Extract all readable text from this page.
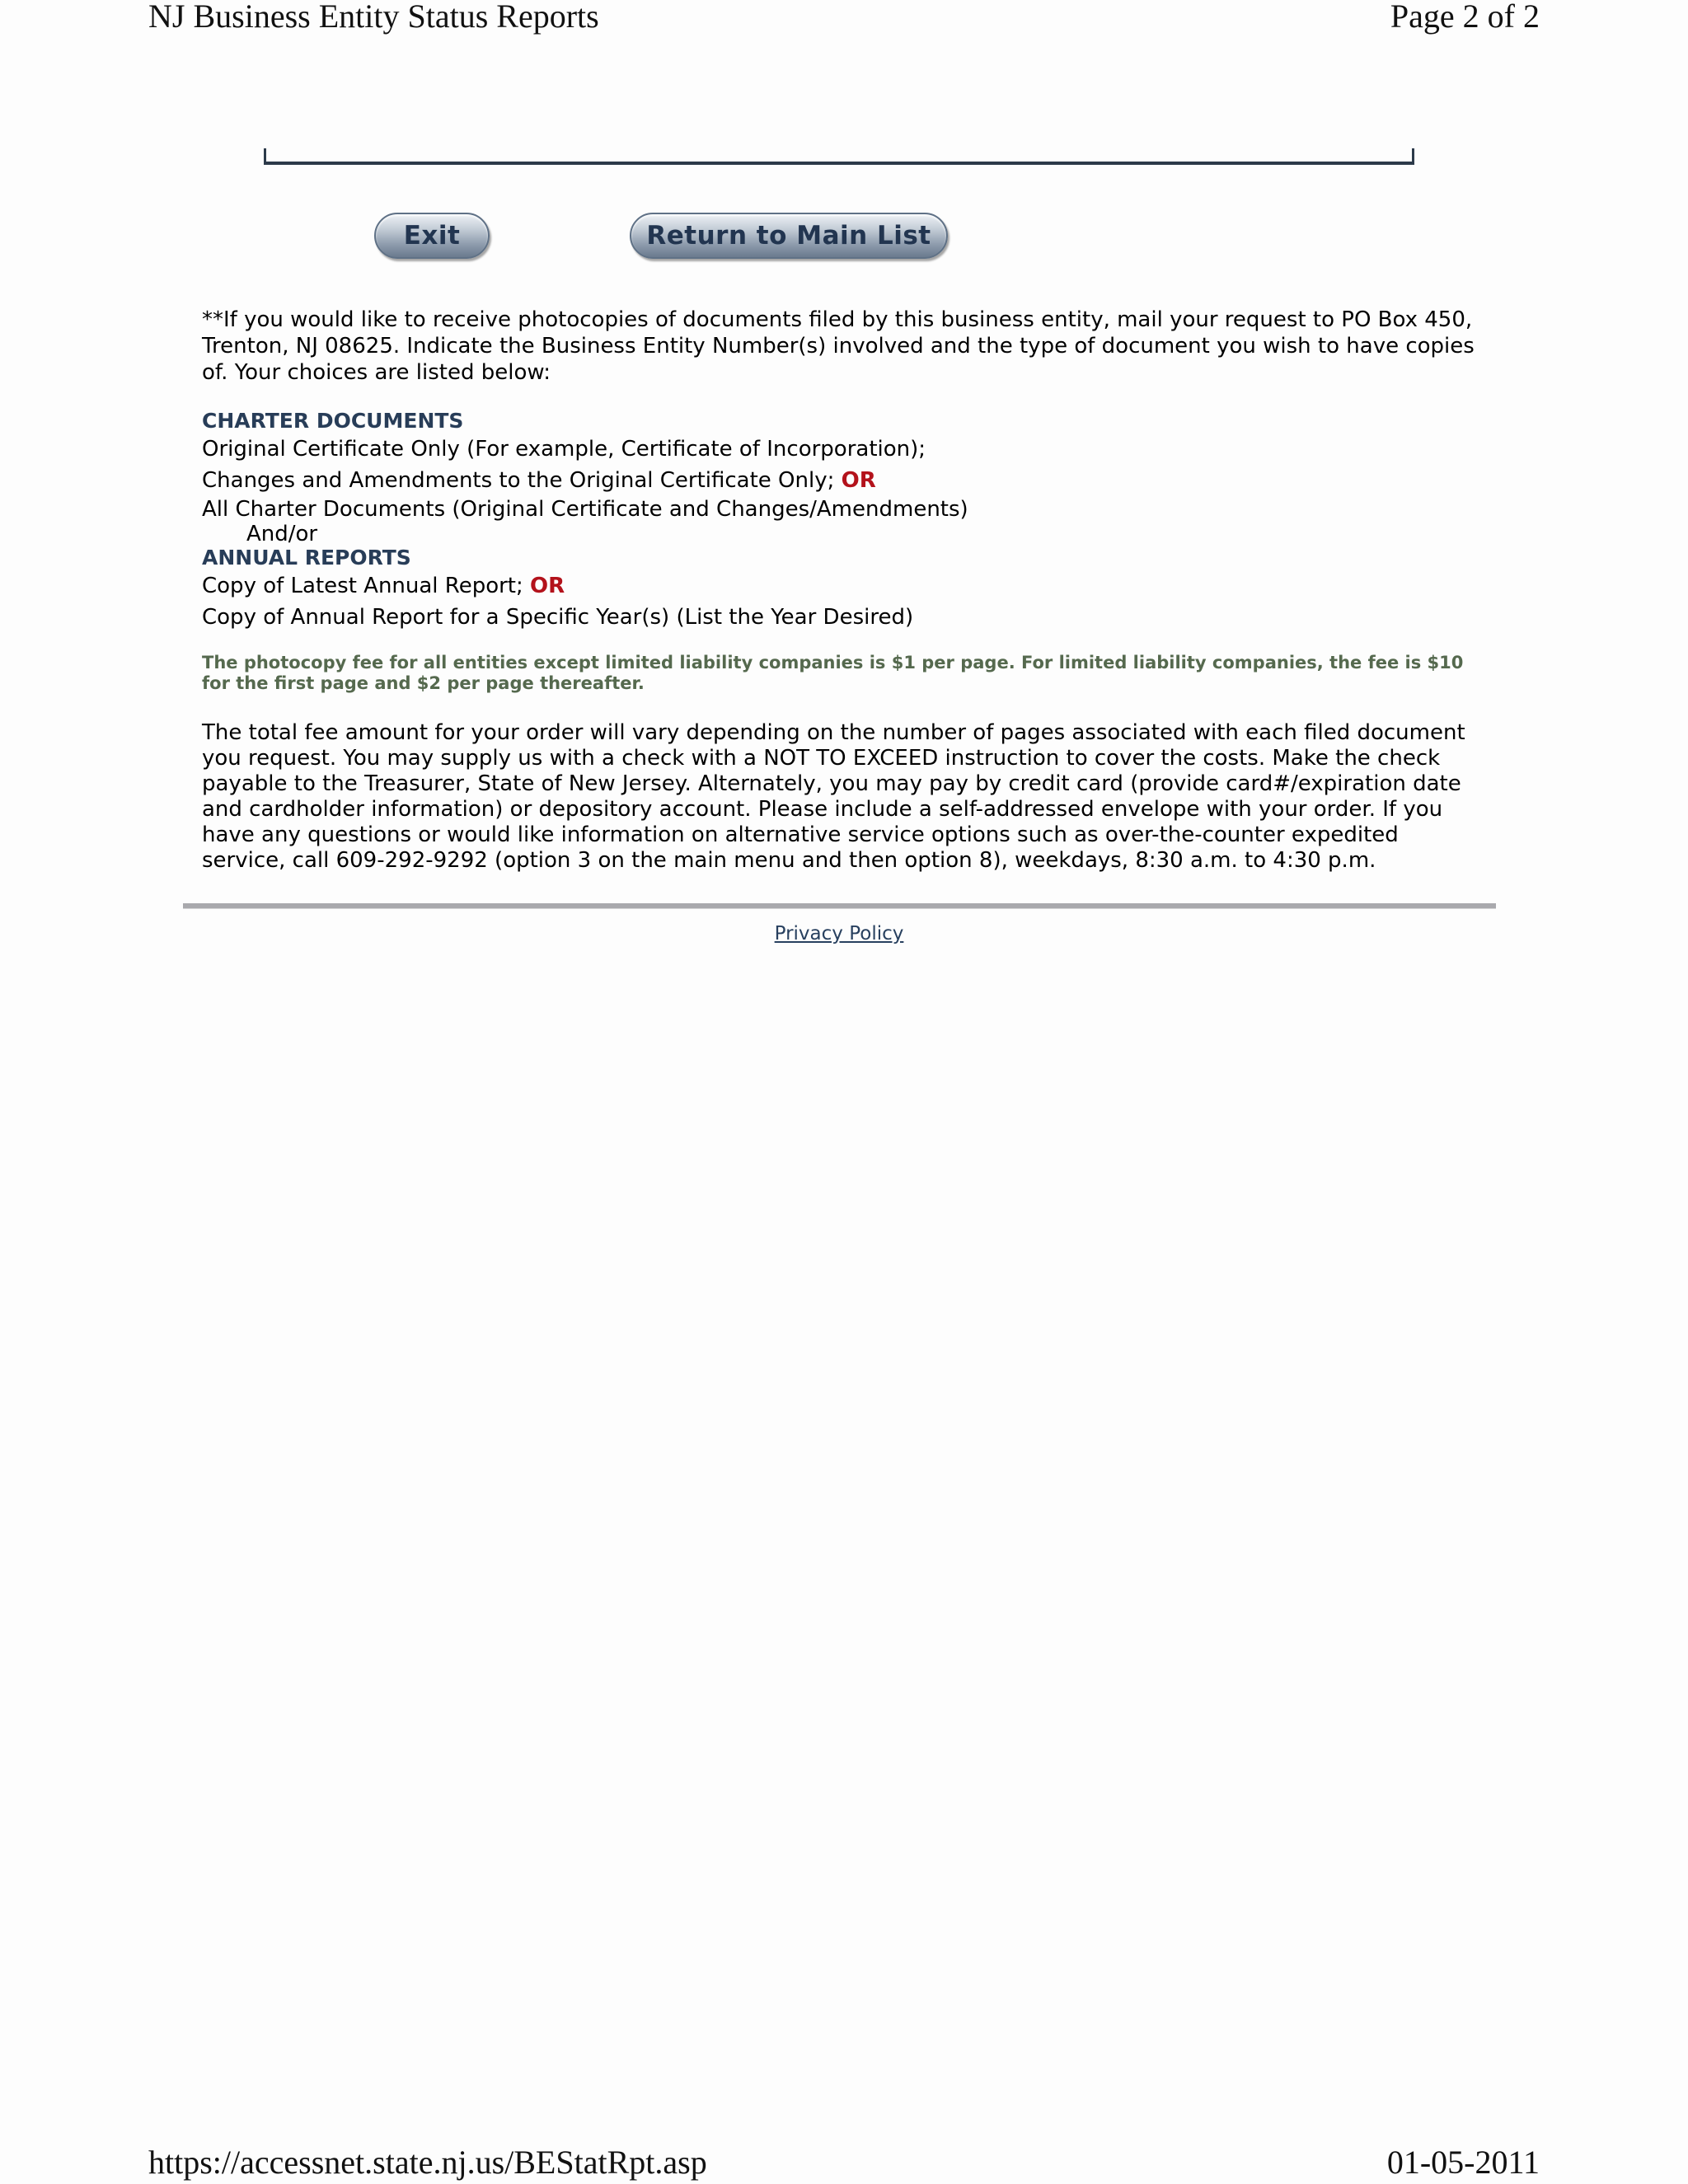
NJ Business Entity Status Reports	Page 2 of 2
Exit	Return to Main List

**If you would like to receive photocopies of documents filed by this business entity, mail your request to PO Box 450, Trenton, NJ 08625. Indicate the Business Entity Number(s) involved and the type of document you wish to have copies of. Your choices are listed below:

CHARTER DOCUMENTS
Original Certificate Only (For example, Certificate of Incorporation);
Changes and Amendments to the Original Certificate Only; OR
All Charter Documents (Original Certificate and Changes/Amendments)
And/or
ANNUAL REPORTS
Copy of Latest Annual Report; OR
Copy of Annual Report for a Specific Year(s) (List the Year Desired)
The photocopy fee for all entities except limited liability companies is $1 per page. For limited liability companies, the fee is $10 for the first page and $2 per page thereafter.
The total fee amount for your order will vary depending on the number of pages associated with each filed document you request. You may supply us with a check with a NOT TO EXCEED instruction to cover the costs. Make the check payable to the Treasurer, State of New Jersey. Alternately, you may pay by credit card (provide card#/expiration date and cardholder information) or depository account. Please include a self-addressed envelope with your order. If you have any questions or would like information on alternative service options such as over-the-counter expedited service, call 609-292-9292 (option 3 on the main menu and then option 8), weekdays, 8:30 a.m. to 4:30 p.m.
Privacy Policy
https://accessnet.state.nj.us/BEStatRpt.asp	01-05-2011
